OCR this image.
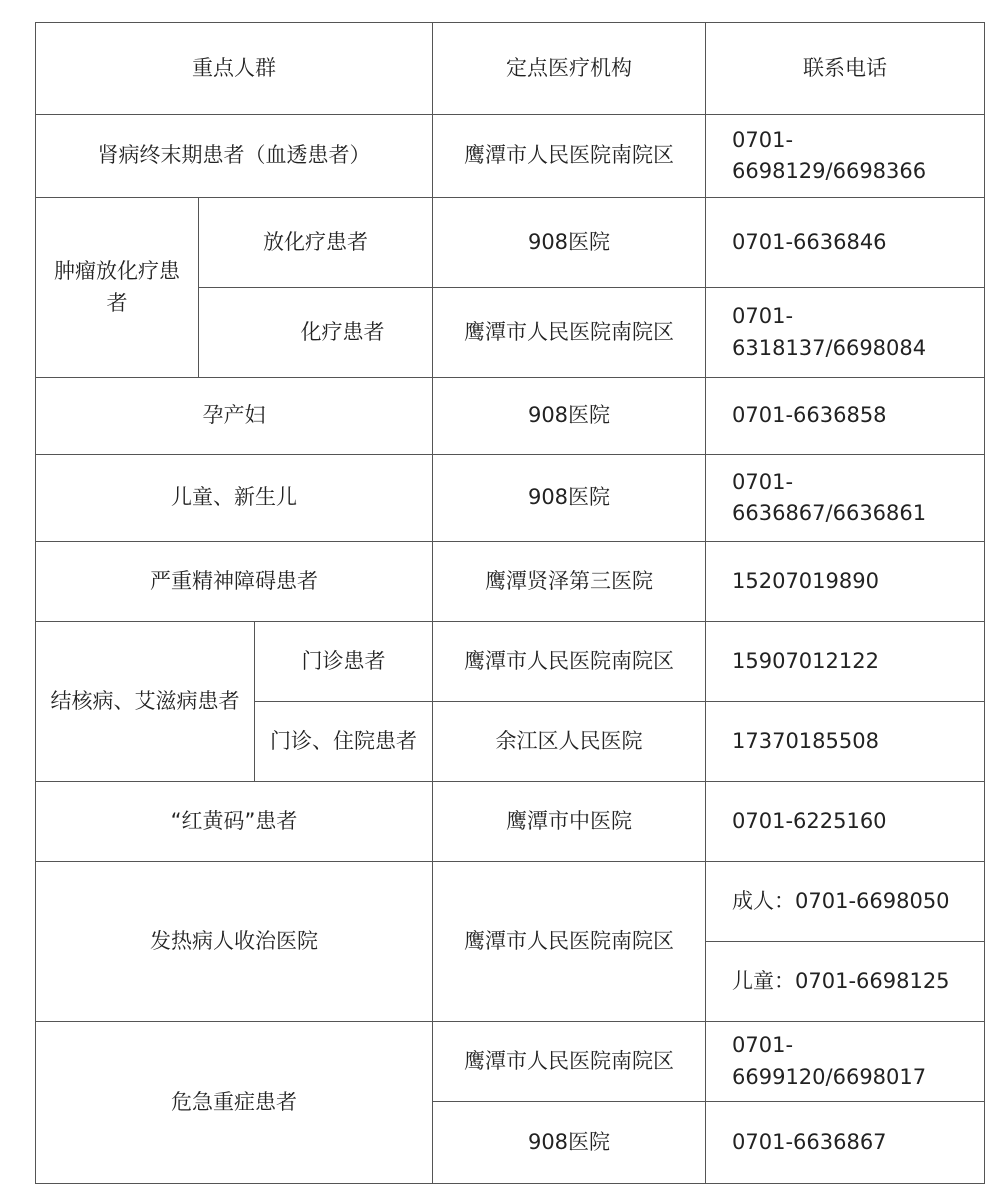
重点人群			定点医疗机构	联系电话
肾病终末期患者（血透患者）			鹰潭市人民医院南院区	0701-6698129/6698366
肿瘤放化疗患者	放化疗患者		908医院	0701-6636846
	化疗患者		鹰潭市人民医院南院区	0701-6318137/6698084
孕产妇			908医院	0701-6636858
儿童、新生儿			908医院	0701-6636867/6636861
严重精神障碍患者			鹰潭贤泽第三医院	15207019890
结核病、艾滋病患者		门诊患者	鹰潭市人民医院南院区	15907012122
		门诊、住院患者	余江区人民医院	17370185508
“红黄码”患者			鹰潭市中医院	0701-6225160
发热病人收治医院			鹰潭市人民医院南院区	成人：0701-6698050
				儿童：0701-6698125
危急重症患者			鹰潭市人民医院南院区	0701-6699120/6698017
			908医院	0701-6636867
